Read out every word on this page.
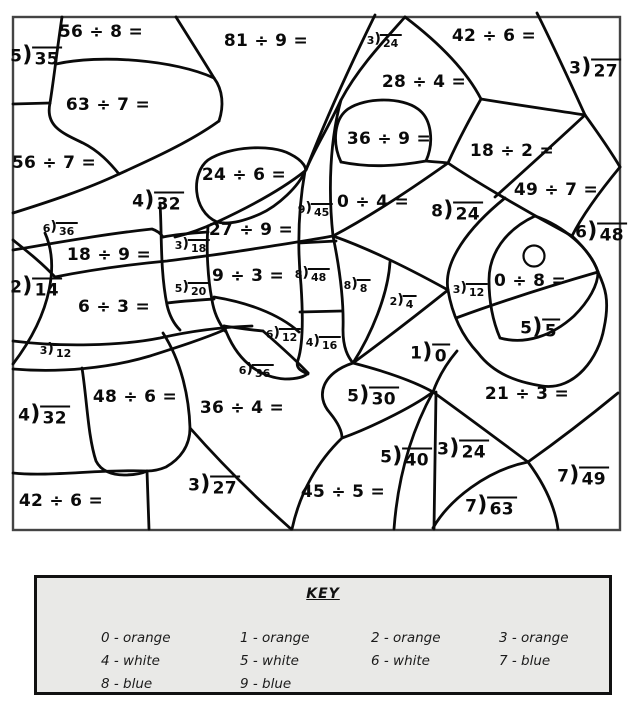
56 ÷ 8 =	81 ÷ 9 =	42 ÷ 6 =
63 ÷ 7 =
28 ÷ 4 =
56 ÷ 7 =
36 ÷ 9 =
18 ÷ 2 =
24 ÷ 6 =
49 ÷ 7 =
0 ÷ 4 =
27 ÷ 9 =
18 ÷ 9 =
9 ÷ 3 =	0 ÷ 8 =
6 ÷ 3 =
48 ÷ 6 =
36 ÷ 4 =
21 ÷ 3 =
45 ÷ 5 =
42 ÷ 6 =
5 ) 35	3 ) 27
4 ) 32	8 ) 24
6 ) 48
2 ) 14
5 ) 5
1 ) 0
4 ) 32
5 ) 30
5 ) 40
3 ) 24
7 ) 49
3 ) 27
7 ) 63
3 ) 24
9 ) 45
6 ) 36
3 ) 18
5 ) 20
8 ) 48
8 ) 8
2 ) 4
3 ) 12
4 ) 16
6 ) 12
6 ) 36
3 ) 12
KEY
0 - orange	1 - orange	2 - orange	3 - orange
4 - white	5 - white	6 - white	7 - blue
8 - blue	9 - blue
